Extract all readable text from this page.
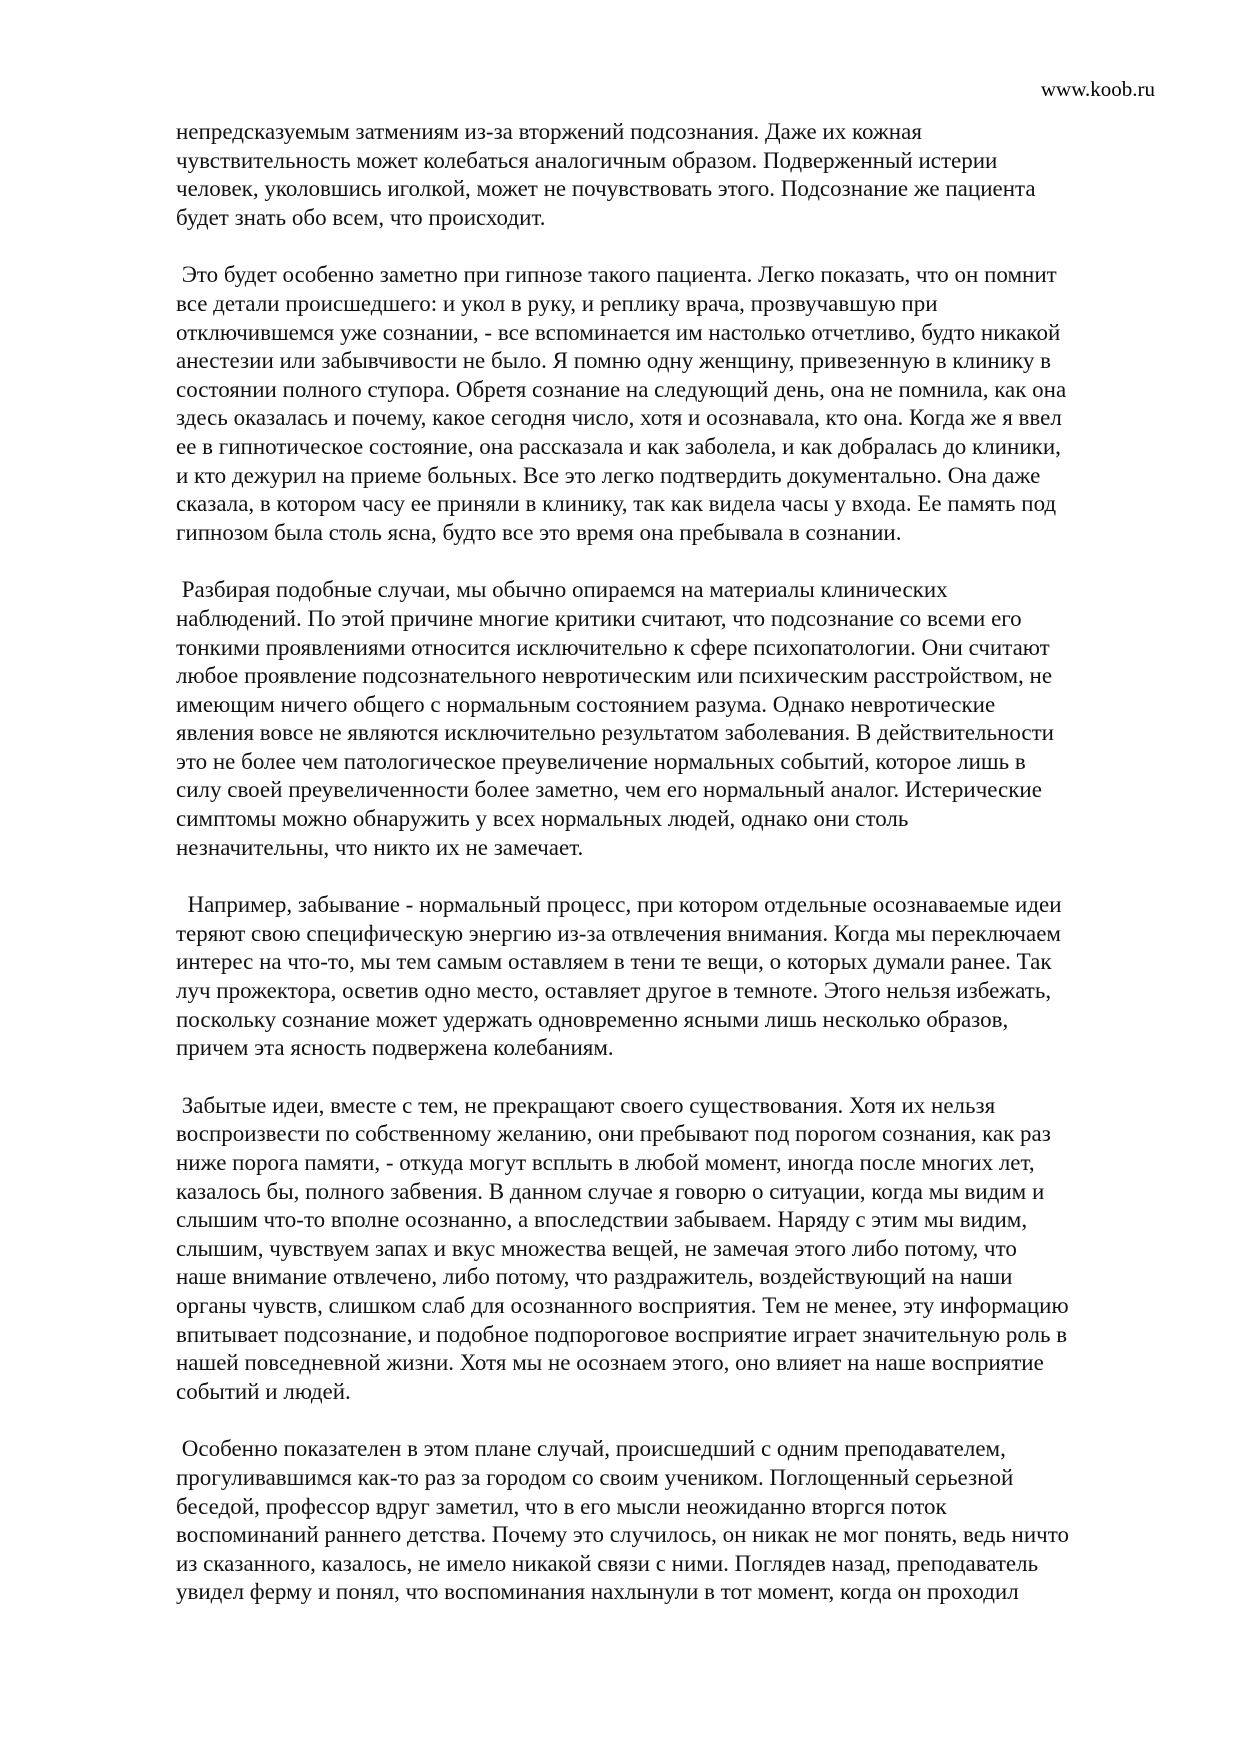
www.koob.ru
непредсказуемым затмениям из-за вторжений подсознания. Даже их кожная
чувствительность может колебаться аналогичным образом. Подверженный истерии
человек, уколовшись иголкой, может не почувствовать этого. Подсознание же пациента
будет знать обо всем, что происходит.
Это будет особенно заметно при гипнозе такого пациента. Легко показать, что он помнит
все детали происшедшего: и укол в руку, и реплику врача, прозвучавшую при
отключившемся уже сознании, - все вспоминается им настолько отчетливо, будто никакой
анестезии или забывчивости не было. Я помню одну женщину, привезенную в клинику в
состоянии полного ступора. Обретя сознание на следующий день, она не помнила, как она
здесь оказалась и почему, какое сегодня число, хотя и осознавала, кто она. Когда же я ввел
ее в гипнотическое состояние, она рассказала и как заболела, и как добралась до клиники,
и кто дежурил на приеме больных. Все это легко подтвердить документально. Она даже
сказала, в котором часу ее приняли в клинику, так как видела часы у входа. Ее память под
гипнозом была столь ясна, будто все это время она пребывала в сознании.
Разбирая подобные случаи, мы обычно опираемся на материалы клинических
наблюдений. По этой причине многие критики считают, что подсознание со всеми его
тонкими проявлениями относится исключительно к сфере психопатологии. Они считают
любое проявление подсознательного невротическим или психическим расстройством, не
имеющим ничего общего с нормальным состоянием разума. Однако невротические
явления вовсе не являются исключительно результатом заболевания. В действительности
это не более чем патологическое преувеличение нормальных событий, которое лишь в
силу своей преувеличенности более заметно, чем его нормальный аналог. Истерические
симптомы можно обнаружить у всех нормальных людей, однако они столь
незначительны, что никто их не замечает.
Например, забывание - нормальный процесс, при котором отдельные осознаваемые идеи
теряют свою специфическую энергию из-за отвлечения внимания. Когда мы переключаем
интерес на что-то, мы тем самым оставляем в тени те вещи, о которых думали ранее. Так
луч прожектора, осветив одно место, оставляет другое в темноте. Этого нельзя избежать,
поскольку сознание может удержать одновременно ясными лишь несколько образов,
причем эта ясность подвержена колебаниям.
Забытые идеи, вместе с тем, не прекращают своего существования. Хотя их нельзя
воспроизвести по собственному желанию, они пребывают под порогом сознания, как раз
ниже порога памяти, - откуда могут всплыть в любой момент, иногда после многих лет,
казалось бы, полного забвения. В данном случае я говорю о ситуации, когда мы видим и
слышим что-то вполне осознанно, а впоследствии забываем. Наряду с этим мы видим,
слышим, чувствуем запах и вкус множества вещей, не замечая этого либо потому, что
наше внимание отвлечено, либо потому, что раздражитель, воздействующий на наши
органы чувств, слишком слаб для осознанного восприятия. Тем не менее, эту информацию
впитывает подсознание, и подобное подпороговое восприятие играет значительную роль в
нашей повседневной жизни. Хотя мы не осознаем этого, оно влияет на наше восприятие
событий и людей.
Особенно показателен в этом плане случай, происшедший с одним преподавателем,
прогуливавшимся как-то раз за городом со своим учеником. Поглощенный серьезной
беседой, профессор вдруг заметил, что в его мысли неожиданно вторгся поток
воспоминаний раннего детства. Почему это случилось, он никак не мог понять, ведь ничто
из сказанного, казалось, не имело никакой связи с ними. Поглядев назад, преподаватель
увидел ферму и понял, что воспоминания нахлынули в тот момент, когда он проходил
